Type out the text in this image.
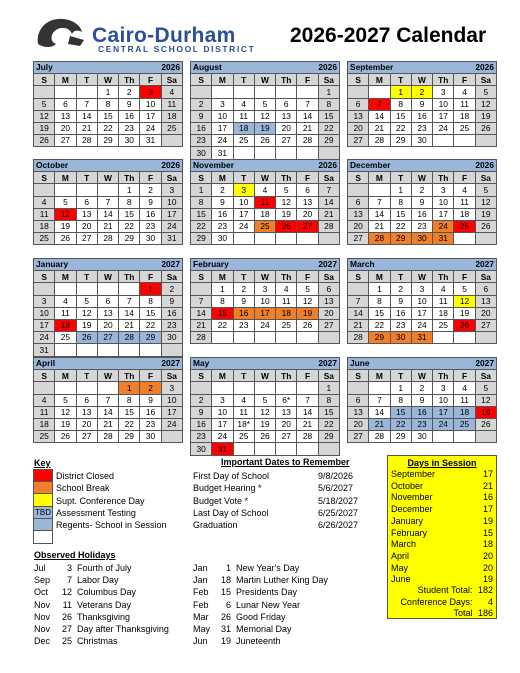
Cairo-Durham
CENTRAL SCHOOL DISTRICT
2026-2027 Calendar
July 2026						

S	M	T	W	Th	F	Sa
			1	2	3	4
5	6	7	8	9	10	11
12	13	14	15	16	17	18
19	20	21	22	23	24	25
26	27	28	29	30	31	
August 2026						

S	M	T	W	Th	F	Sa
						1
2	3	4	5	6	7	8
9	10	11	12	13	14	15
16	17	18	19	20	21	22
23	24	25	26	27	28	29
30	31					
September 2026						

S	M	T	W	Th	F	Sa
		1	2	3	4	5
6	7	8	9	10	11	12
13	14	15	16	17	18	19
20	21	22	23	24	25	26
27	28	29	30			
October 2026						

S	M	T	W	Th	F	Sa
				1	2	3
4	5	6	7	8	9	10
11	12	13	14	15	16	17
18	19	20	21	22	23	24
25	26	27	28	29	30	31
November 2026						

S	M	T	W	Th	F	Sa
1	2	3	4	5	6	7
8	9	10	11	12	13	14
15	16	17	18	19	20	21
22	23	24	25	26	27	28
29	30					
December 2026						

S	M	T	W	Th	F	Sa
		1	2	3	4	5
6	7	8	9	10	11	12
13	14	15	16	17	18	19
20	21	22	23	24	25	26
27	28	29	30	31		
January 2027						

S	M	T	W	Th	F	Sa
					1	2
3	4	5	6	7	8	9
10	11	12	13	14	15	16
17	18	19	20	21	22	23
24	25	26	27	28	29	30
31						
February 2027						

S	M	T	W	Th	F	Sa
	1	2	3	4	5	6
7	8	9	10	11	12	13
14	15	16	17	18	19	20
21	22	23	24	25	26	27
28						
March 2027						

S	M	T	W	Th	F	Sa
	1	2	3	4	5	6
7	8	9	10	11	12	13
14	15	16	17	18	19	20
21	22	23	24	25	26	27
28	29	30	31			
April 2027						

S	M	T	W	Th	F	Sa
				1	2	3
4	5	6	7	8	9	10
11	12	13	14	15	16	17
18	19	20	21	22	23	24
25	26	27	28	29	30	
May 2027						

S	M	T	W	Th	F	Sa
						1
2	3	4	5	6*	7	8
9	10	11	12	13	14	15
16	17	18*	19	20	21	22
23	24	25	26	27	28	29
30	31					
June 2027						

S	M	T	W	Th	F	Sa
		1	2	3	4	5
6	7	8	9	10	11	12
13	14	15	16	17	18	19
20	21	22	23	24	25	26
27	28	29	30			
Key

TBD

District Closed
School Break
Supt. Conference Day
Assessment Testing
Regents- School in Session
Important Dates to Remember
First Day of School	9/8/2026
Budget Hearing *	5/6/2027
Budget Vote *	5/18/2027
Last Day of School	6/25/2027
Graduation	6/26/2027
Days in Session
September	17
October	21
November	16
December	17
January	19
February	15
March	18
April	20
May	20
June	19
Student Total: 182
Conference Days: 4
Total 186
Observed Holidays
Jul 3 Fourth of July
Sep 7 Labor Day
Oct 12 Columbus Day
Nov 11 Veterans Day
Nov 26 Thanksgiving
Nov 27 Day after Thanksgiving
Dec 25 Christmas
Jan 1 New Year's Day
Jan 18 Martin Luther King Day
Feb 15 Presidents Day
Feb 6 Lunar New Year
Mar 26 Good Friday
May 31 Memorial Day
Jun 19 Juneteenth
